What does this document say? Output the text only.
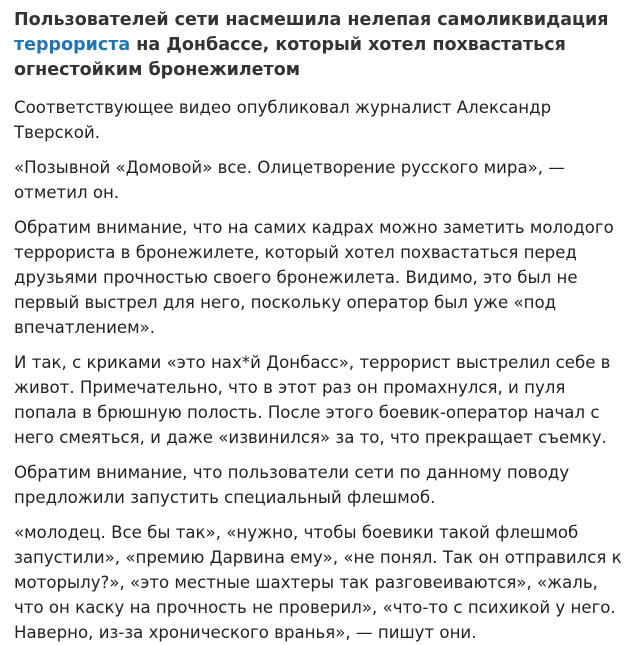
Пользователей сети насмешила нелепая самоликвидация террориста на Донбассе, который хотел похвастаться огнестойким бронежилетом

Соответствующее видео опубликовал журналист Александр Тверской.

«Позывной «Домовой» все. Олицетворение русского мира», — отметил он.

Обратим внимание, что на самих кадрах можно заметить молодого террориста в бронежилете, который хотел похвастаться перед друзьями прочностью своего бронежилета. Видимо, это был не первый выстрел для него, поскольку оператор был уже «под впечатлением».

И так, с криками «это нах*й Донбасс», террорист выстрелил себе в живот. Примечательно, что в этот раз он промахнулся, и пуля попала в брюшную полость. После этого боевик-оператор начал с него смеяться, и даже «извинился» за то, что прекращает съемку.

Обратим внимание, что пользователи сети по данному поводу предложили запустить специальный флешмоб.

«молодец. Все бы так», «нужно, чтобы боевики такой флешмоб запустили», «премию Дарвина ему», «не понял. Так он отправился к моторылу?», «это местные шахтеры так разговеиваются», «жаль, что он каску на прочность не проверил», «что-то с психикой у него. Наверно, из-за хронического вранья», — пишут они.
